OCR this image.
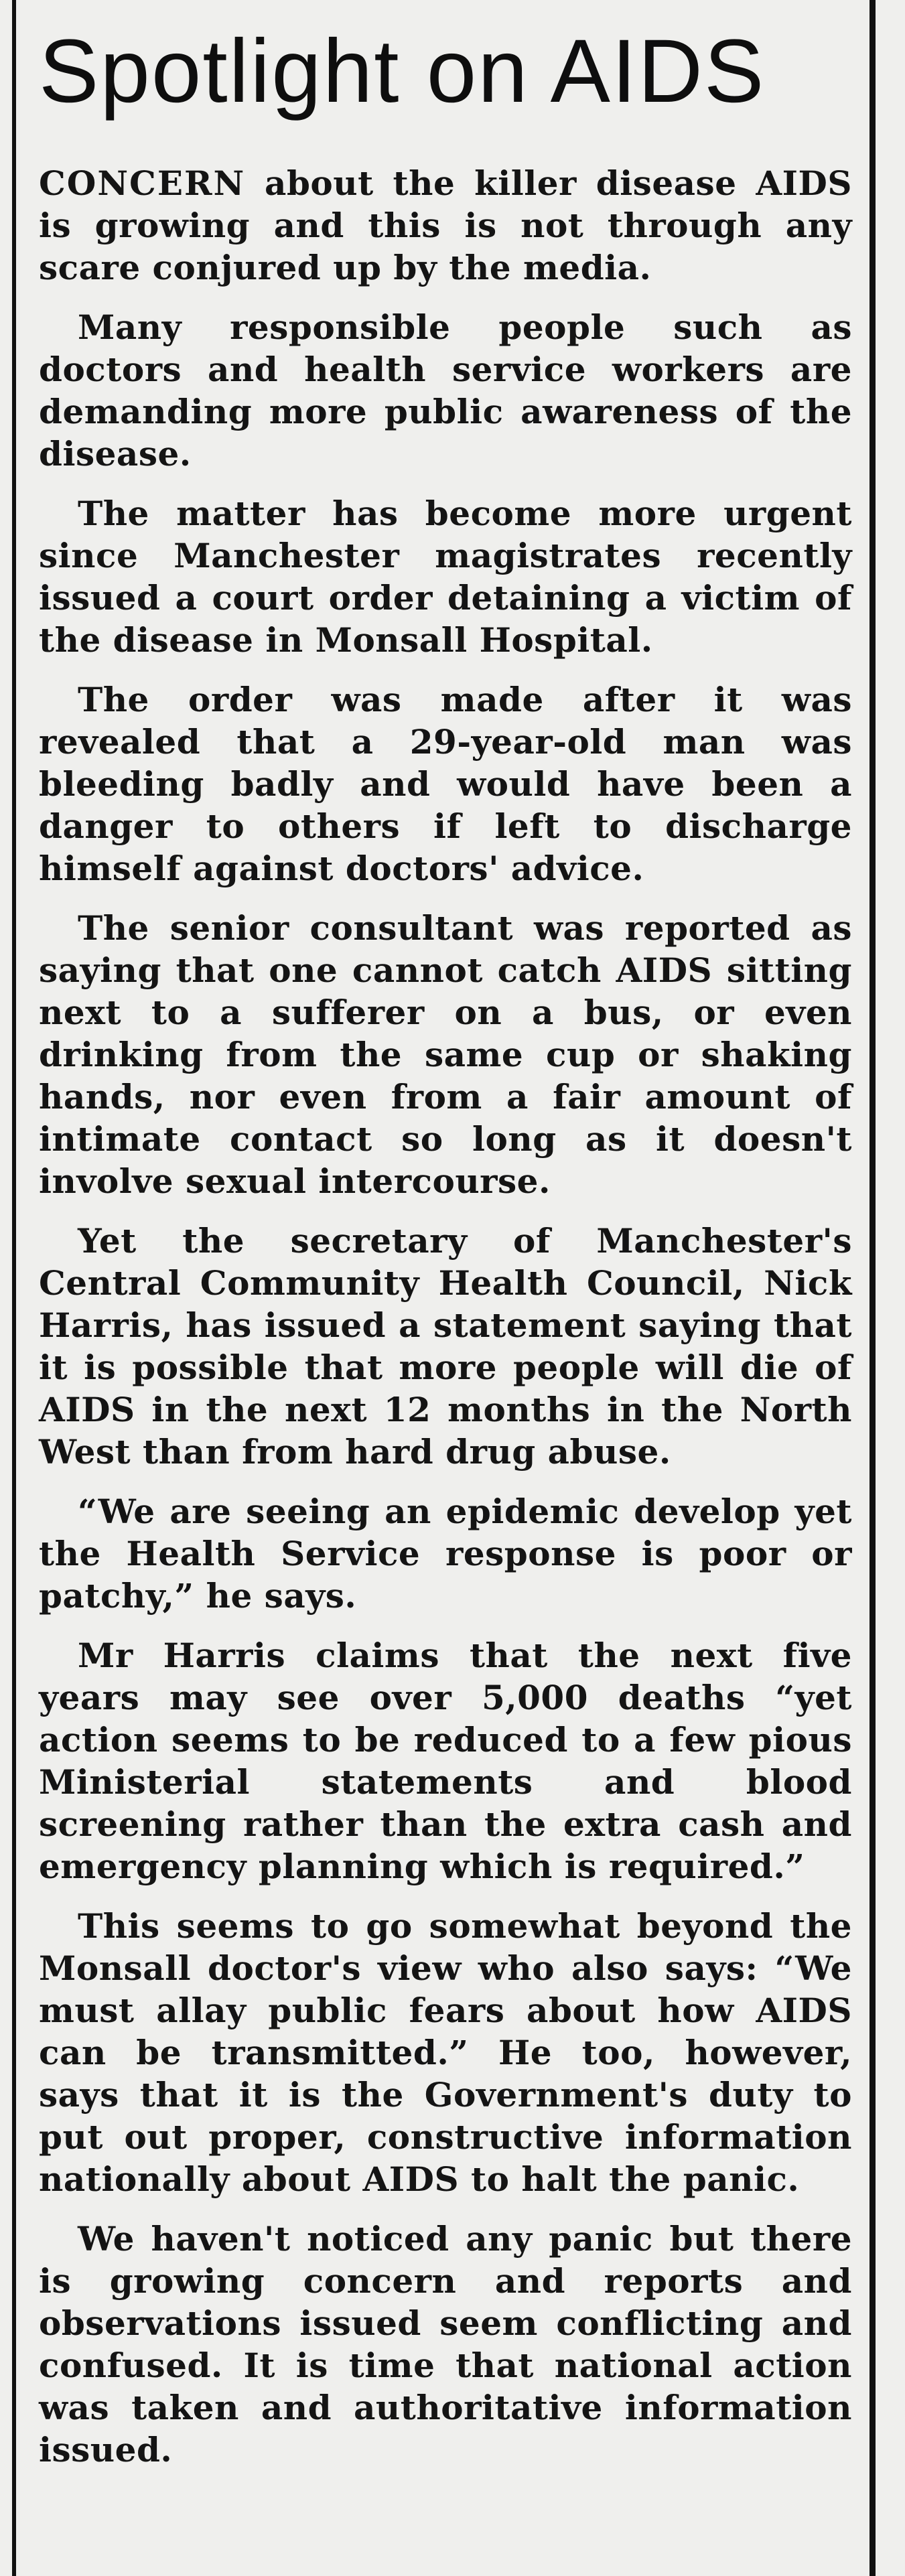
Spotlight on AIDS

CONCERN about the killer disease AIDS is growing and this is not through any scare conjured up by the media.

Many responsible people such as doctors and health service workers are demanding more public awareness of the disease.

The matter has become more urgent since Manchester magistrates recently issued a court order detaining a victim of the disease in Monsall Hospital.

The order was made after it was revealed that a 29-year-old man was bleeding badly and would have been a danger to others if left to discharge himself against doctors' advice.

The senior consultant was reported as saying that one cannot catch AIDS sitting next to a sufferer on a bus, or even drinking from the same cup or shaking hands, nor even from a fair amount of intimate contact so long as it doesn't involve sexual intercourse.

Yet the secretary of Manchester's Central Community Health Council, Nick Harris, has issued a statement saying that it is possible that more people will die of AIDS in the next 12 months in the North West than from hard drug abuse.

“We are seeing an epidemic develop yet the Health Service response is poor or patchy,” he says.

Mr Harris claims that the next five years may see over 5,000 deaths “yet action seems to be reduced to a few pious Ministerial statements and blood screening rather than the extra cash and emergency planning which is required.”

This seems to go somewhat beyond the Monsall doctor's view who also says: “We must allay public fears about how AIDS can be transmitted.” He too, however, says that it is the Government's duty to put out proper, constructive information nationally about AIDS to halt the panic.

We haven't noticed any panic but there is growing concern and reports and observations issued seem conflicting and confused. It is time that national action was taken and authoritative information issued.
